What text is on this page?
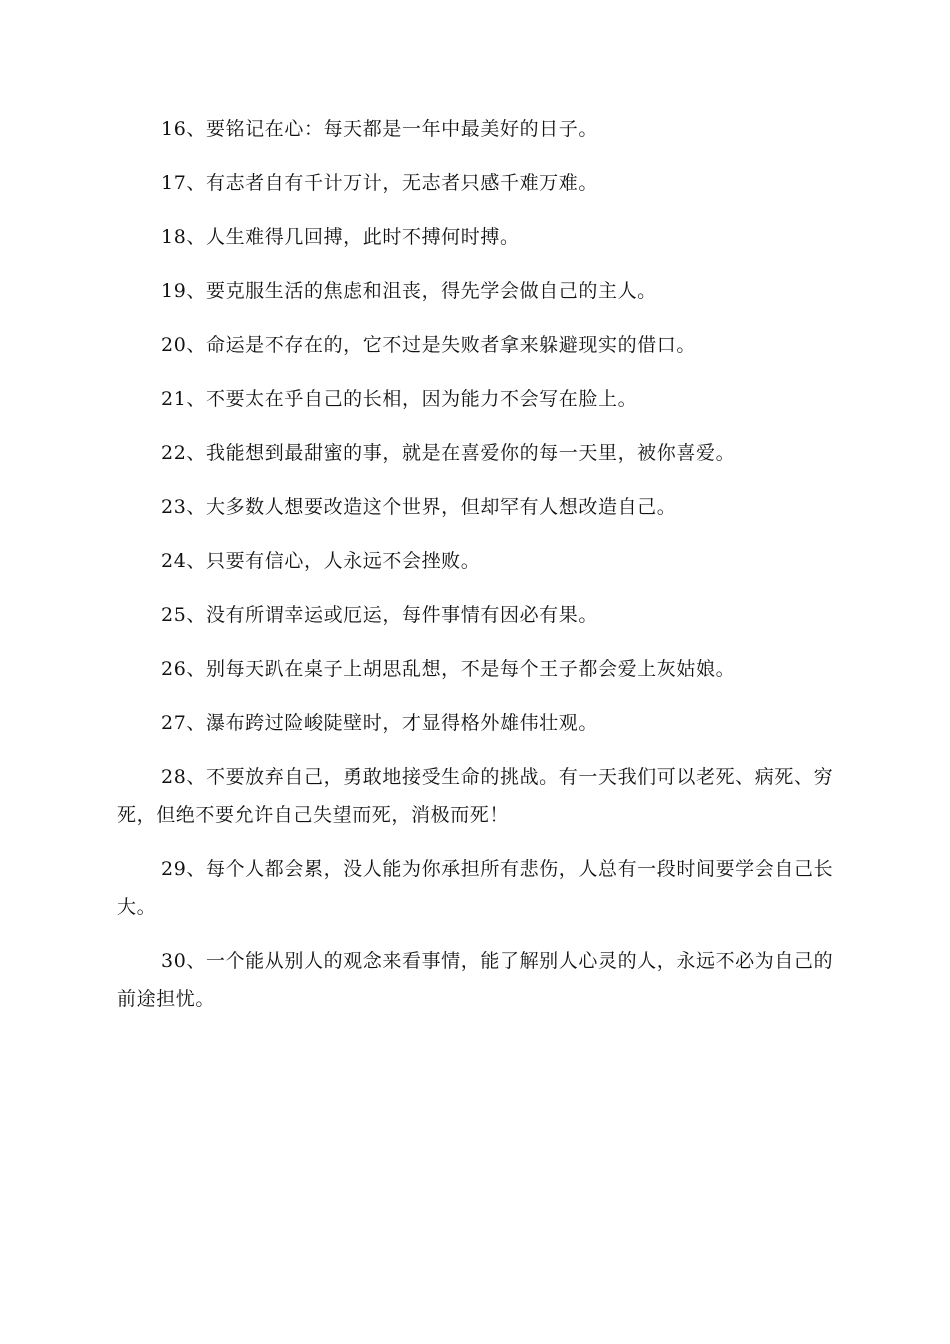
16、要铭记在心：每天都是一年中最美好的日子。

17、有志者自有千计万计，无志者只感千难万难。

18、人生难得几回搏，此时不搏何时搏。

19、要克服生活的焦虑和沮丧，得先学会做自己的主人。

20、命运是不存在的，它不过是失败者拿来躲避现实的借口。

21、不要太在乎自己的长相，因为能力不会写在脸上。

22、我能想到最甜蜜的事，就是在喜爱你的每一天里，被你喜爱。

23、大多数人想要改造这个世界，但却罕有人想改造自己。

24、只要有信心，人永远不会挫败。

25、没有所谓幸运或厄运，每件事情有因必有果。

26、别每天趴在桌子上胡思乱想，不是每个王子都会爱上灰姑娘。

27、瀑布跨过险峻陡壁时，才显得格外雄伟壮观。

28、不要放弃自己，勇敢地接受生命的挑战。有一天我们可以老死、病死、穷死，但绝不要允许自己失望而死，消极而死！

29、每个人都会累，没人能为你承担所有悲伤，人总有一段时间要学会自己长大。

30、一个能从别人的观念来看事情，能了解别人心灵的人，永远不必为自己的前途担忧。
